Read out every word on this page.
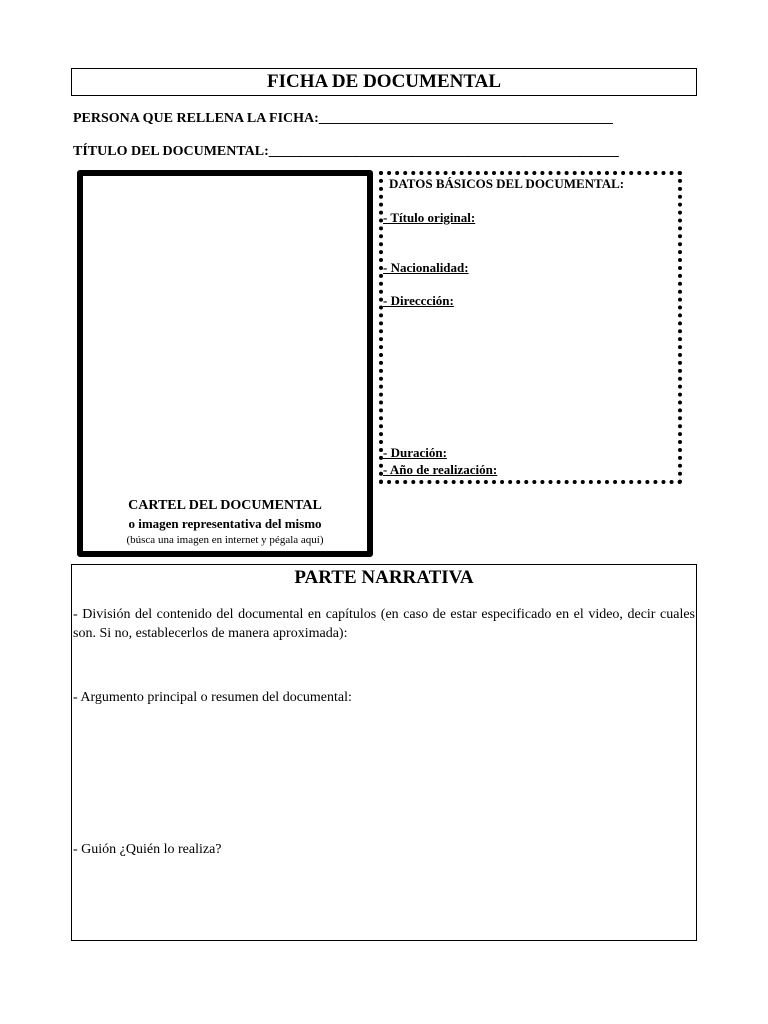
FICHA DE DOCUMENTAL
PERSONA QUE RELLENA LA FICHA:__________________________________________
TÍTULO DEL DOCUMENTAL:__________________________________________________
CARTEL DEL DOCUMENTAL
o imagen representativa del mismo
(búsca una imagen en internet y pégala aquí)
DATOS BÁSICOS DEL DOCUMENTAL:
- Título original:
- Nacionalidad:
- Direccción:
- Duración:
- Año de realización:
PARTE NARRATIVA
- División del contenido del documental en capítulos (en caso de estar especificado en el video, decir cuales son. Si no, establecerlos de manera aproximada):
- Argumento principal o resumen del documental:
- Guión ¿Quién lo realiza?
